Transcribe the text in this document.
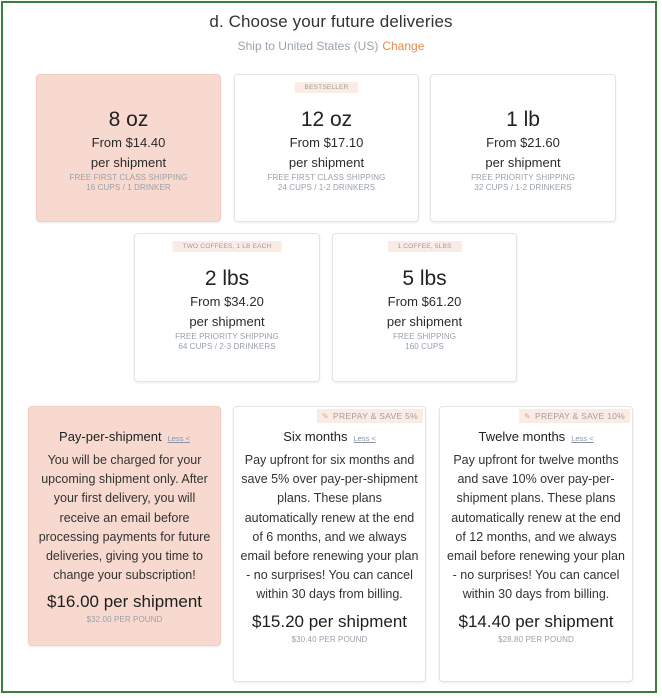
d. Choose your future deliveries
Ship to United States (US) Change
8 oz
From $14.40
per shipment
FREE FIRST CLASS SHIPPING
16 CUPS / 1 DRINKER
BESTSELLER
12 oz
From $17.10
per shipment
FREE FIRST CLASS SHIPPING
24 CUPS / 1-2 DRINKERS
1 lb
From $21.60
per shipment
FREE PRIORITY SHIPPING
32 CUPS / 1-2 DRINKERS
TWO COFFEES, 1 LB EACH
2 lbs
From $34.20
per shipment
FREE PRIORITY SHIPPING
64 CUPS / 2-3 DRINKERS
1 COFFEE, 5LBS
5 lbs
From $61.20
per shipment
FREE SHIPPING
160 CUPS
Pay-per-shipment Less <
You will be charged for your upcoming shipment only. After your first delivery, you will receive an email before processing payments for future deliveries, giving you time to change your subscription!
$16.00 per shipment
$32.00 PER POUND
✎ PREPAY & SAVE 5%
Six months Less <
Pay upfront for six months and save 5% over pay-per-shipment plans. These plans automatically renew at the end of 6 months, and we always email before renewing your plan - no surprises! You can cancel within 30 days from billing.
$15.20 per shipment
$30.40 PER POUND
✎ PREPAY & SAVE 10%
Twelve months Less <
Pay upfront for twelve months and save 10% over pay-per-shipment plans. These plans automatically renew at the end of 12 months, and we always email before renewing your plan - no surprises! You can cancel within 30 days from billing.
$14.40 per shipment
$28.80 PER POUND
